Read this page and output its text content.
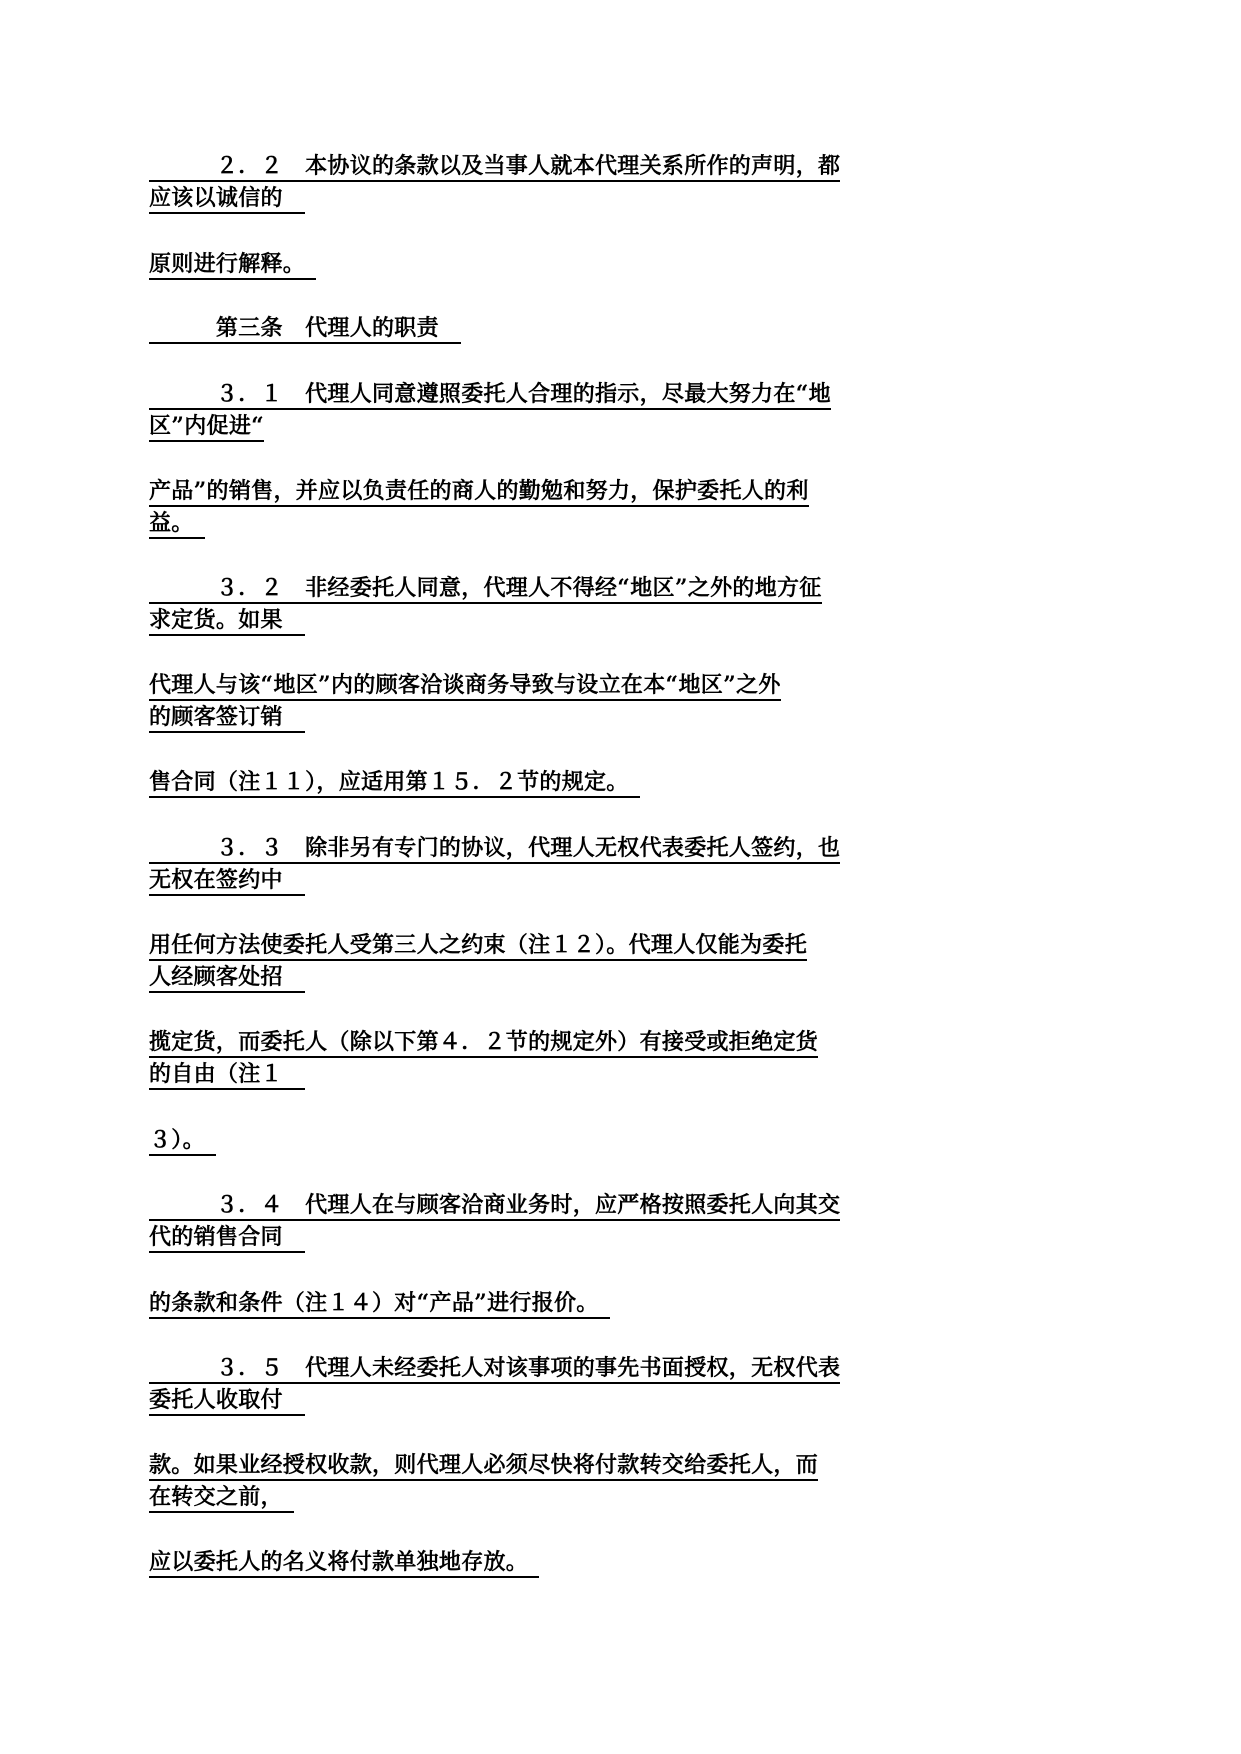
　　　２．２　本协议的条款以及当事人就本代理关系所作的声明，都
应该以诚信的　
原则进行解释。　
　　　第三条　代理人的职责　
　　　３．１　代理人同意遵照委托人合理的指示，尽最大努力在“地
区”内促进“
产品”的销售，并应以负责任的商人的勤勉和努力，保护委托人的利
益。　
　　　３．２　非经委托人同意，代理人不得经“地区”之外的地方征
求定货。如果　
代理人与该“地区”内的顾客洽谈商务导致与设立在本“地区”之外
的顾客签订销　
售合同（注１１），应适用第１５．２节的规定。　
　　　３．３　除非另有专门的协议，代理人无权代表委托人签约，也
无权在签约中　
用任何方法使委托人受第三人之约束（注１２）。代理人仅能为委托
人经顾客处招　
揽定货，而委托人（除以下第４．２节的规定外）有接受或拒绝定货
的自由（注１　
３）。　
　　　３．４　代理人在与顾客洽商业务时，应严格按照委托人向其交
代的销售合同　
的条款和条件（注１４）对“产品”进行报价。　
　　　３．５　代理人未经委托人对该事项的事先书面授权，无权代表
委托人收取付　
款。如果业经授权收款，则代理人必须尽快将付款转交给委托人，而
在转交之前，　
应以委托人的名义将付款单独地存放。　
